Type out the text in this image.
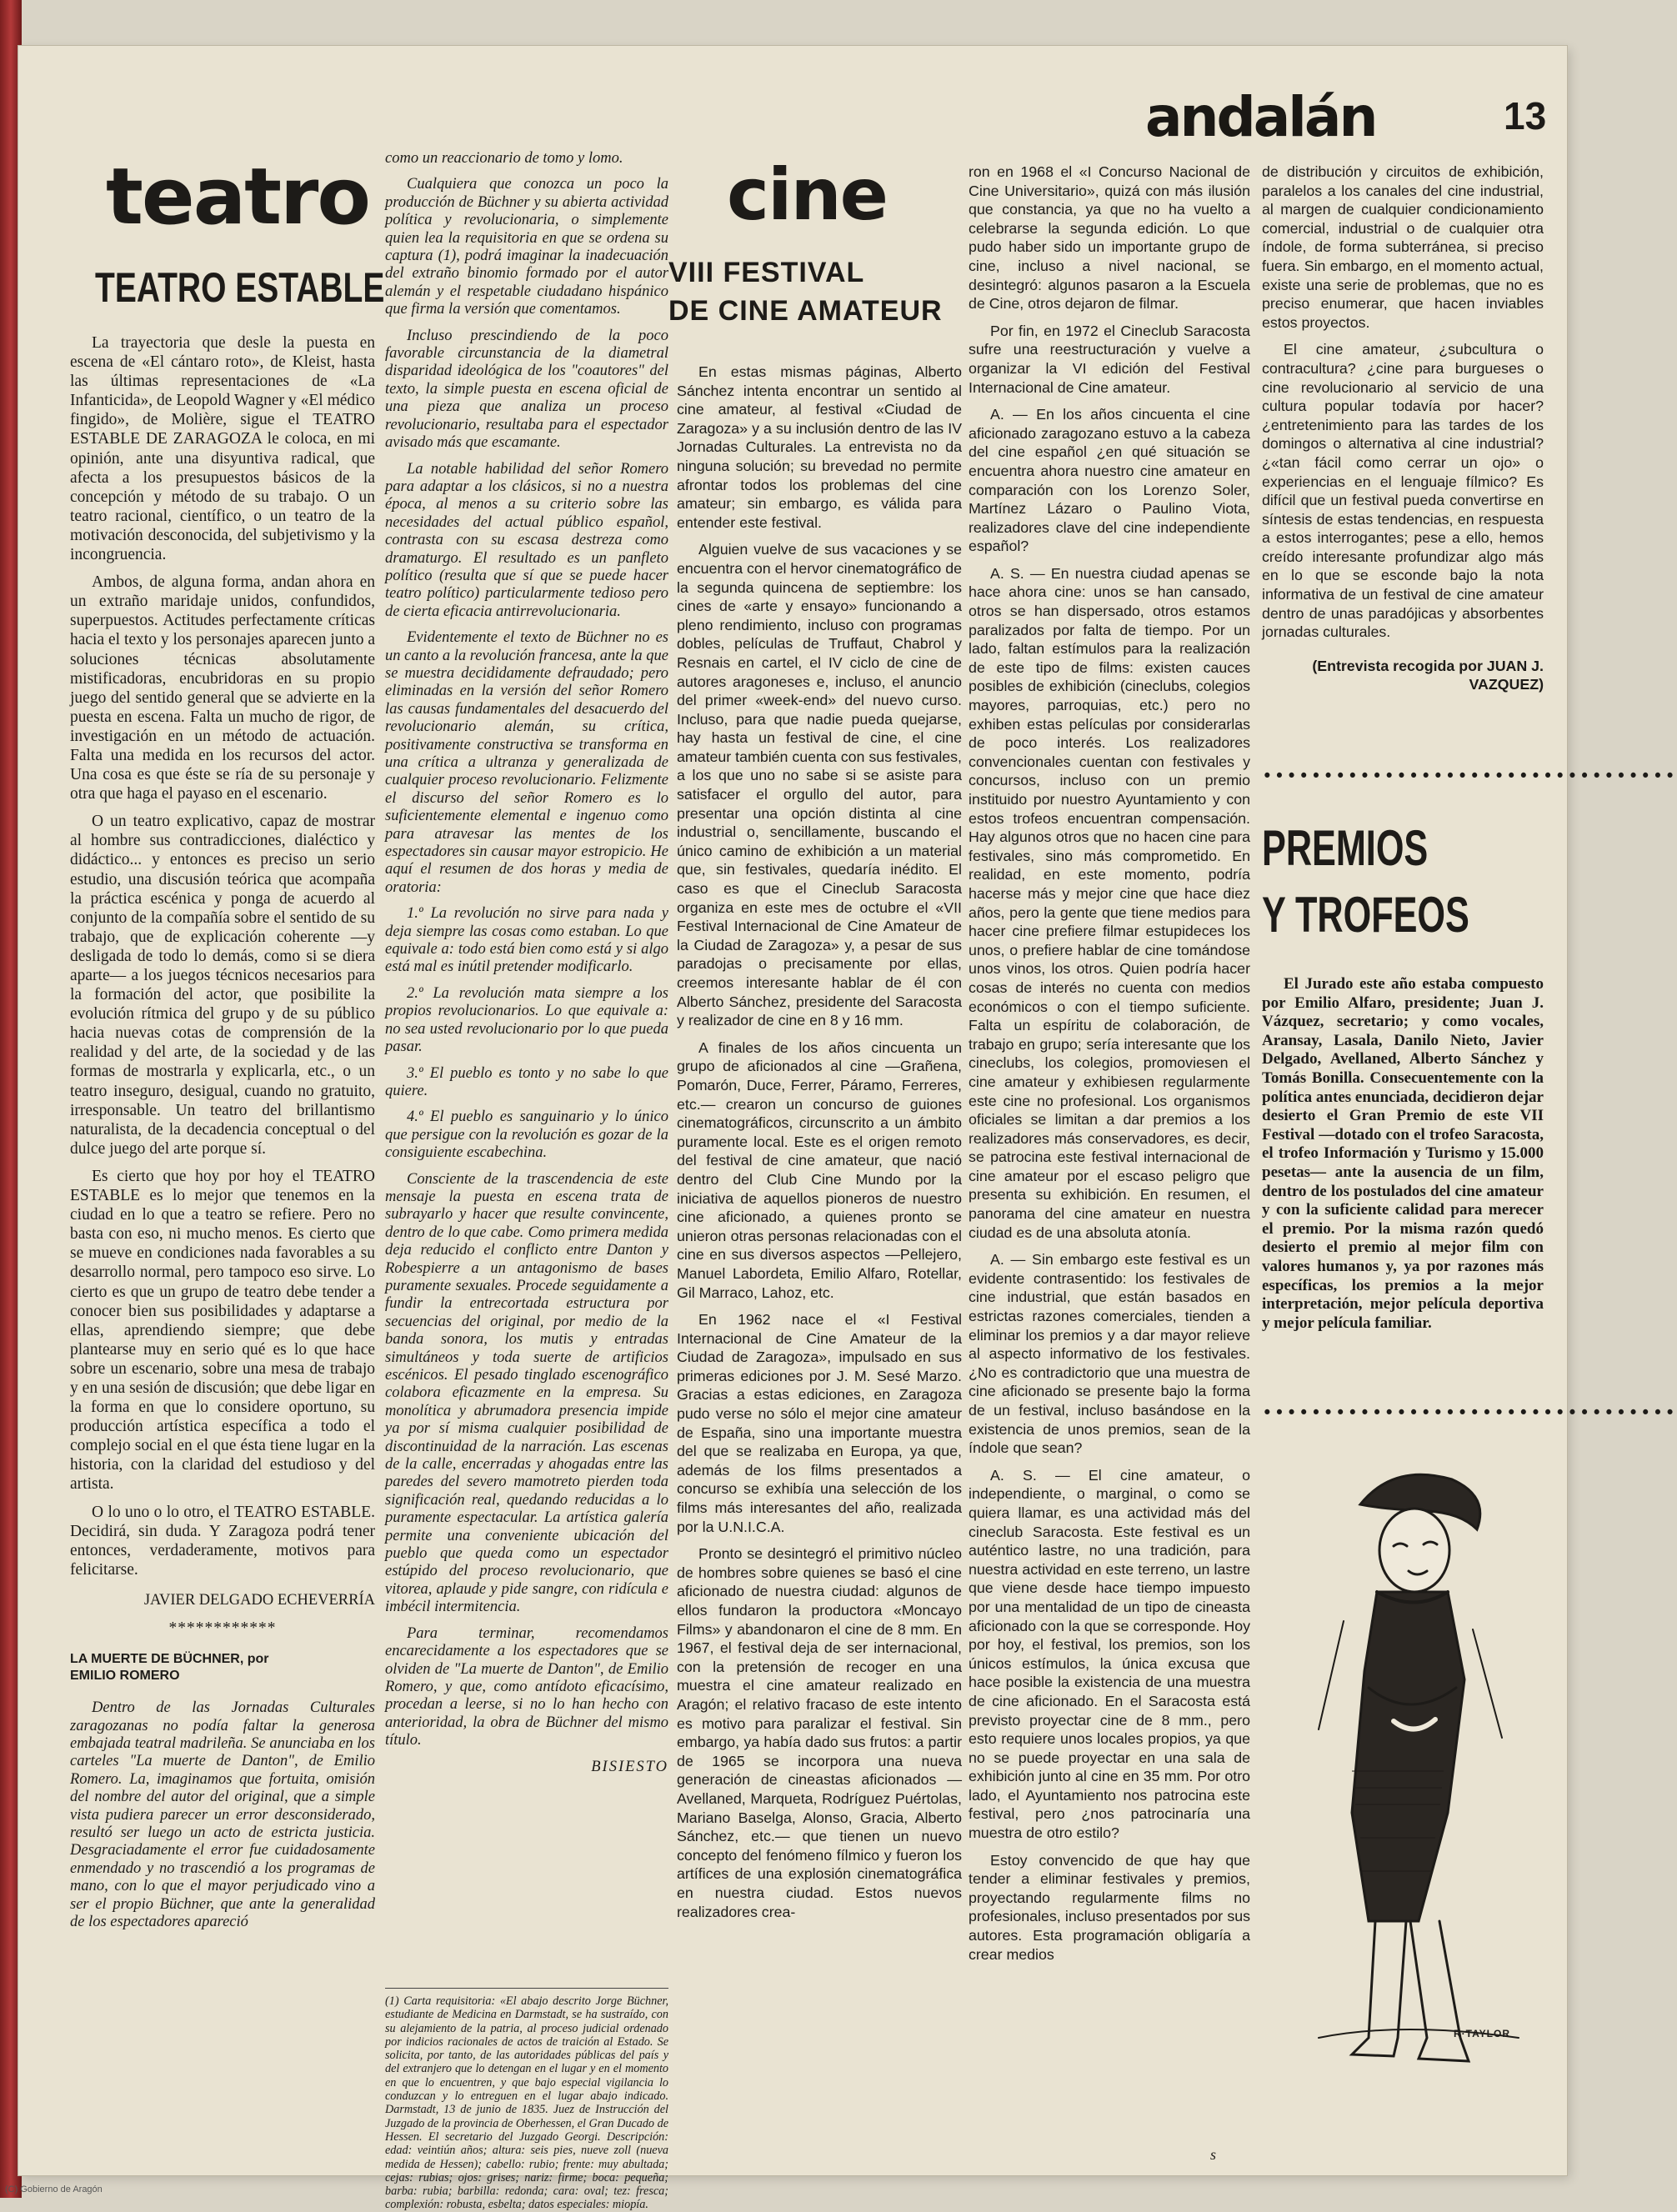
andalán	13
teatro
TEATRO ESTABLE

La trayectoria que desle la puesta en escena de «El cántaro roto», de Kleist, hasta las últimas representaciones de «La Infanticida», de Leopold Wagner y «El médico fingido», de Molière, sigue el TEATRO ESTABLE DE ZARAGOZA le coloca, en mi opinión, ante una disyuntiva radical, que afecta a los presupuestos básicos de la concepción y método de su trabajo. O un teatro racional, científico, o un teatro de la motivación desconocida, del subjetivismo y la incongruencia.

Ambos, de alguna forma, andan ahora en un extraño maridaje unidos, confundidos, superpuestos. Actitudes perfectamente críticas hacia el texto y los personajes aparecen junto a soluciones técnicas absolutamente mistificadoras, encubridoras en su propio juego del sentido general que se advierte en la puesta en escena. Falta un mucho de rigor, de investigación en un método de actuación. Falta una medida en los recursos del actor. Una cosa es que éste se ría de su personaje y otra que haga el payaso en el escenario.

O un teatro explicativo, capaz de mostrar al hombre sus contradicciones, dialéctico y didáctico... y entonces es preciso un serio estudio, una discusión teórica que acompaña la práctica escénica y ponga de acuerdo al conjunto de la compañía sobre el sentido de su trabajo, que de explicación coherente —y desligada de todo lo demás, como si se diera aparte— a los juegos técnicos necesarios para la formación del actor, que posibilite la evolución rítmica del grupo y de su público hacia nuevas cotas de comprensión de la realidad y del arte, de la sociedad y de las formas de mostrarla y explicarla, etc., o un teatro inseguro, desigual, cuando no gratuito, irresponsable. Un teatro del brillantismo naturalista, de la decadencia conceptual o del dulce juego del arte porque sí.

Es cierto que hoy por hoy el TEATRO ESTABLE es lo mejor que tenemos en la ciudad en lo que a teatro se refiere. Pero no basta con eso, ni mucho menos. Es cierto que se mueve en condiciones nada favorables a su desarrollo normal, pero tampoco eso sirve. Lo cierto es que un grupo de teatro debe tender a conocer bien sus posibilidades y adaptarse a ellas, aprendiendo siempre; que debe plantearse muy en serio qué es lo que hace sobre un escenario, sobre una mesa de trabajo y en una sesión de discusión; que debe ligar en la forma en que lo considere oportuno, su producción artística específica a todo el complejo social en el que ésta tiene lugar en la historia, con la claridad del estudioso y del artista.

O lo uno o lo otro, el TEATRO ESTABLE. Decidirá, sin duda. Y Zaragoza podrá tener entonces, verdaderamente, motivos para felicitarse.

JAVIER DELGADO ECHEVERRÍA
************
LA MUERTE DE BÜCHNER, por EMILIO ROMERO

Dentro de las Jornadas Culturales zaragozanas no podía faltar la generosa embajada teatral madrileña. Se anunciaba en los carteles "La muerte de Danton", de Emilio Romero. La, imaginamos que fortuita, omisión del nombre del autor del original, que a simple vista pudiera parecer un error desconsiderado, resultó ser luego un acto de estricta justicia. Desgraciadamente el error fue cuidadosamente enmendado y no trascendió a los programas de mano, con lo que el mayor perjudicado vino a ser el propio Büchner, que ante la generalidad de los espectadores apareció

como un reaccionario de tomo y lomo.

Cualquiera que conozca un poco la producción de Büchner y su abierta actividad política y revolucionaria, o simplemente quien lea la requisitoria en que se ordena su captura (1), podrá imaginar la inadecuación del extraño binomio formado por el autor alemán y el respetable ciudadano hispánico que firma la versión que comentamos.

Incluso prescindiendo de la poco favorable circunstancia de la diametral disparidad ideológica de los "coautores" del texto, la simple puesta en escena oficial de una pieza que analiza un proceso revolucionario, resultaba para el espectador avisado más que escamante.

La notable habilidad del señor Romero para adaptar a los clásicos, si no a nuestra época, al menos a su criterio sobre las necesidades del actual público español, contrasta con su escasa destreza como dramaturgo. El resultado es un panfleto político (resulta que sí que se puede hacer teatro político) particularmente tedioso pero de cierta eficacia antirrevolucionaria.

Evidentemente el texto de Büchner no es un canto a la revolución francesa, ante la que se muestra decididamente defraudado; pero eliminadas en la versión del señor Romero las causas fundamentales del desacuerdo del revolucionario alemán, su crítica, positivamente constructiva se transforma en una crítica a ultranza y generalizada de cualquier proceso revolucionario. Felizmente el discurso del señor Romero es lo suficientemente elemental e ingenuo como para atravesar las mentes de los espectadores sin causar mayor estropicio. He aquí el resumen de dos horas y media de oratoria:

1.º La revolución no sirve para nada y deja siempre las cosas como estaban. Lo que equivale a: todo está bien como está y si algo está mal es inútil pretender modificarlo.

2.º La revolución mata siempre a los propios revolucionarios. Lo que equivale a: no sea usted revolucionario por lo que pueda pasar.

3.º El pueblo es tonto y no sabe lo que quiere.

4.º El pueblo es sanguinario y lo único que persigue con la revolución es gozar de la consiguiente escabechina.

Consciente de la trascendencia de este mensaje la puesta en escena trata de subrayarlo y hacer que resulte convincente, dentro de lo que cabe. Como primera medida deja reducido el conflicto entre Danton y Robespierre a un antagonismo de bases puramente sexuales. Procede seguidamente a fundir la entrecortada estructura por secuencias del original, por medio de la banda sonora, los mutis y entradas simultáneos y toda suerte de artificios escénicos. El pesado tinglado escenográfico colabora eficazmente en la empresa. Su monolítica y abrumadora presencia impide ya por sí misma cualquier posibilidad de discontinuidad de la narración. Las escenas de la calle, encerradas y ahogadas entre las paredes del severo mamotreto pierden toda significación real, quedando reducidas a lo puramente espectacular. La artística galería permite una conveniente ubicación del pueblo que queda como un espectador estúpido del proceso revolucionario, que vitorea, aplaude y pide sangre, con ridícula e imbécil intermitencia.

Para terminar, recomendamos encarecidamente a los espectadores que se olviden de "La muerte de Danton", de Emilio Romero, y que, como antídoto eficacísimo, procedan a leerse, si no lo han hecho con anterioridad, la obra de Büchner del mismo título.

BISIESTO
(1) Carta requisitoria: «El abajo descrito Jorge Büchner, estudiante de Medicina en Darmstadt, se ha sustraído, con su alejamiento de la patria, al proceso judicial ordenado por indicios racionales de actos de traición al Estado. Se solicita, por tanto, de las autoridades públicas del país y del extranjero que lo detengan en el lugar y en el momento en que lo encuentren, y que bajo especial vigilancia lo conduzcan y lo entreguen en el lugar abajo indicado. Darmstadt, 13 de junio de 1835. Juez de Instrucción del Juzgado de la provincia de Oberhessen, el Gran Ducado de Hessen. El secretario del Juzgado Georgi. Descripción: edad: veintiún años; altura: seis pies, nueve zoll (nueva medida de Hessen); cabello: rubio; frente: muy abultada; cejas: rubias; ojos: grises; nariz: firme; boca: pequeña; barba: rubia; barbilla: redonda; cara: oval; tez: fresca; complexión: robusta, esbelta; datos especiales: miopía.
cine
VIII FESTIVAL
DE CINE AMATEUR

En estas mismas páginas, Alberto Sánchez intenta encontrar un sentido al cine amateur, al festival «Ciudad de Zaragoza» y a su inclusión dentro de las IV Jornadas Culturales. La entrevista no da ninguna solución; su brevedad no permite afrontar todos los problemas del cine amateur; sin embargo, es válida para entender este festival.

Alguien vuelve de sus vacaciones y se encuentra con el hervor cinematográfico de la segunda quincena de septiembre: los cines de «arte y ensayo» funcionando a pleno rendimiento, incluso con programas dobles, películas de Truffaut, Chabrol y Resnais en cartel, el IV ciclo de cine de autores aragoneses e, incluso, el anuncio del primer «week-end» del nuevo curso. Incluso, para que nadie pueda quejarse, hay hasta un festival de cine, el cine amateur también cuenta con sus festivales, a los que uno no sabe si se asiste para satisfacer el orgullo del autor, para presentar una opción distinta al cine industrial o, sencillamente, buscando el único camino de exhibición a un material que, sin festivales, quedaría inédito. El caso es que el Cineclub Saracosta organiza en este mes de octubre el «VII Festival Internacional de Cine Amateur de la Ciudad de Zaragoza» y, a pesar de sus paradojas o precisamente por ellas, creemos interesante hablar de él con Alberto Sánchez, presidente del Saracosta y realizador de cine en 8 y 16 mm.

A finales de los años cincuenta un grupo de aficionados al cine —Grañena, Pomarón, Duce, Ferrer, Páramo, Ferreres, etc.— crearon un concurso de guiones cinematográficos, circunscrito a un ámbito puramente local. Este es el origen remoto del festival de cine amateur, que nació dentro del Club Cine Mundo por la iniciativa de aquellos pioneros de nuestro cine aficionado, a quienes pronto se unieron otras personas relacionadas con el cine en sus diversos aspectos —Pellejero, Manuel Labordeta, Emilio Alfaro, Rotellar, Gil Marraco, Lahoz, etc.

En 1962 nace el «I Festival Internacional de Cine Amateur de la Ciudad de Zaragoza», impulsado en sus primeras ediciones por J. M. Sesé Marzo. Gracias a estas ediciones, en Zaragoza pudo verse no sólo el mejor cine amateur de España, sino una importante muestra del que se realizaba en Europa, ya que, además de los films presentados a concurso se exhibía una selección de los films más interesantes del año, realizada por la U.N.I.C.A.

Pronto se desintegró el primitivo núcleo de hombres sobre quienes se basó el cine aficionado de nuestra ciudad: algunos de ellos fundaron la productora «Moncayo Films» y abandonaron el cine de 8 mm. En 1967, el festival deja de ser internacional, con la pretensión de recoger en una muestra el cine amateur realizado en Aragón; el relativo fracaso de este intento es motivo para paralizar el festival. Sin embargo, ya había dado sus frutos: a partir de 1965 se incorpora una nueva generación de cineastas aficionados —Avellaned, Marqueta, Rodríguez Puértolas, Mariano Baselga, Alonso, Gracia, Alberto Sánchez, etc.— que tienen un nuevo concepto del fenómeno fílmico y fueron los artífices de una explosión cinematográfica en nuestra ciudad. Estos nuevos realizadores crea-

ron en 1968 el «I Concurso Nacional de Cine Universitario», quizá con más ilusión que constancia, ya que no ha vuelto a celebrarse la segunda edición. Lo que pudo haber sido un importante grupo de cine, incluso a nivel nacional, se desintegró: algunos pasaron a la Escuela de Cine, otros dejaron de filmar.

Por fin, en 1972 el Cineclub Saracosta sufre una reestructuración y vuelve a organizar la VI edición del Festival Internacional de Cine amateur.

A. — En los años cincuenta el cine aficionado zaragozano estuvo a la cabeza del cine español ¿en qué situación se encuentra ahora nuestro cine amateur en comparación con los Lorenzo Soler, Martínez Lázaro o Paulino Viota, realizadores clave del cine independiente español?

A. S. — En nuestra ciudad apenas se hace ahora cine: unos se han cansado, otros se han dispersado, otros estamos paralizados por falta de tiempo. Por un lado, faltan estímulos para la realización de este tipo de films: existen cauces posibles de exhibición (cineclubs, colegios mayores, parroquias, etc.) pero no exhiben estas películas por considerarlas de poco interés. Los realizadores convencionales cuentan con festivales y concursos, incluso con un premio instituido por nuestro Ayuntamiento y con estos trofeos encuentran compensación. Hay algunos otros que no hacen cine para festivales, sino más comprometido. En realidad, en este momento, podría hacerse más y mejor cine que hace diez años, pero la gente que tiene medios para hacer cine prefiere filmar estupideces los unos, o prefiere hablar de cine tomándose unos vinos, los otros. Quien podría hacer cosas de interés no cuenta con medios económicos o con el tiempo suficiente. Falta un espíritu de colaboración, de trabajo en grupo; sería interesante que los cineclubs, los colegios, promoviesen el cine amateur y exhibiesen regularmente este cine no profesional. Los organismos oficiales se limitan a dar premios a los realizadores más conservadores, es decir, se patrocina este festival internacional de cine amateur por el escaso peligro que presenta su exhibición. En resumen, el panorama del cine amateur en nuestra ciudad es de una absoluta atonía.

A. — Sin embargo este festival es un evidente contrasentido: los festivales de cine industrial, que están basados en estrictas razones comerciales, tienden a eliminar los premios y a dar mayor relieve al aspecto informativo de los festivales. ¿No es contradictorio que una muestra de cine aficionado se presente bajo la forma de un festival, incluso basándose en la existencia de unos premios, sean de la índole que sean?

A. S. — El cine amateur, o independiente, o marginal, o como se quiera llamar, es una actividad más del cineclub Saracosta. Este festival es un auténtico lastre, no una tradición, para nuestra actividad en este terreno, un lastre que viene desde hace tiempo impuesto por una mentalidad de un tipo de cineasta aficionado con la que se corresponde. Hoy por hoy, el festival, los premios, son los únicos estímulos, la única excusa que hace posible la existencia de una muestra de cine aficionado. En el Saracosta está previsto proyectar cine de 8 mm., pero esto requiere unos locales propios, ya que no se puede proyectar en una sala de exhibición junto al cine en 35 mm. Por otro lado, el Ayuntamiento nos patrocina este festival, pero ¿nos patrocinaría una muestra de otro estilo?

Estoy convencido de que hay que tender a eliminar festivales y premios, proyectando regularmente films no profesionales, incluso presentados por sus autores. Esta programación obligaría a crear medios

de distribución y circuitos de exhibición, paralelos a los canales del cine industrial, al margen de cualquier condicionamiento comercial, industrial o de cualquier otra índole, de forma subterránea, si preciso fuera. Sin embargo, en el momento actual, existe una serie de problemas, que no es preciso enumerar, que hacen inviables estos proyectos.

El cine amateur, ¿subcultura o contracultura? ¿cine para burgueses o cine revolucionario al servicio de una cultura popular todavía por hacer? ¿entretenimiento para las tardes de los domingos o alternativa al cine industrial? ¿«tan fácil como cerrar un ojo» o experiencias en el lenguaje fílmico? Es difícil que un festival pueda convertirse en síntesis de estas tendencias, en respuesta a estos interrogantes; pese a ello, hemos creído interesante profundizar algo más en lo que se esconde bajo la nota informativa de un festival de cine amateur dentro de unas paradójicas y absorbentes jornadas culturales.

(Entrevista recogida por JUAN J. VAZQUEZ)
••••••••••••••••••••••••••••••••••
PREMIOS
Y TROFEOS

El Jurado este año estaba compuesto por Emilio Alfaro, presidente; Juan J. Vázquez, secretario; y como vocales, Aransay, Lasala, Danilo Nieto, Javier Delgado, Avellaned, Alberto Sánchez y Tomás Bonilla. Consecuentemente con la política antes enunciada, decidieron dejar desierto el Gran Premio de este VII Festival —dotado con el trofeo Saracosta, el trofeo Información y Turismo y 15.000 pesetas— ante la ausencia de un film, dentro de los postulados del cine amateur y con la suficiente calidad para merecer el premio. Por la misma razón quedó desierto el premio al mejor film con valores humanos y, ya por razones más específicas, los premios a la mejor interpretación, mejor película deportiva y mejor película familiar.

••••••••••••••••••••••••••••••••••
R·TAYLOR
s
(C) Gobierno de Aragón
